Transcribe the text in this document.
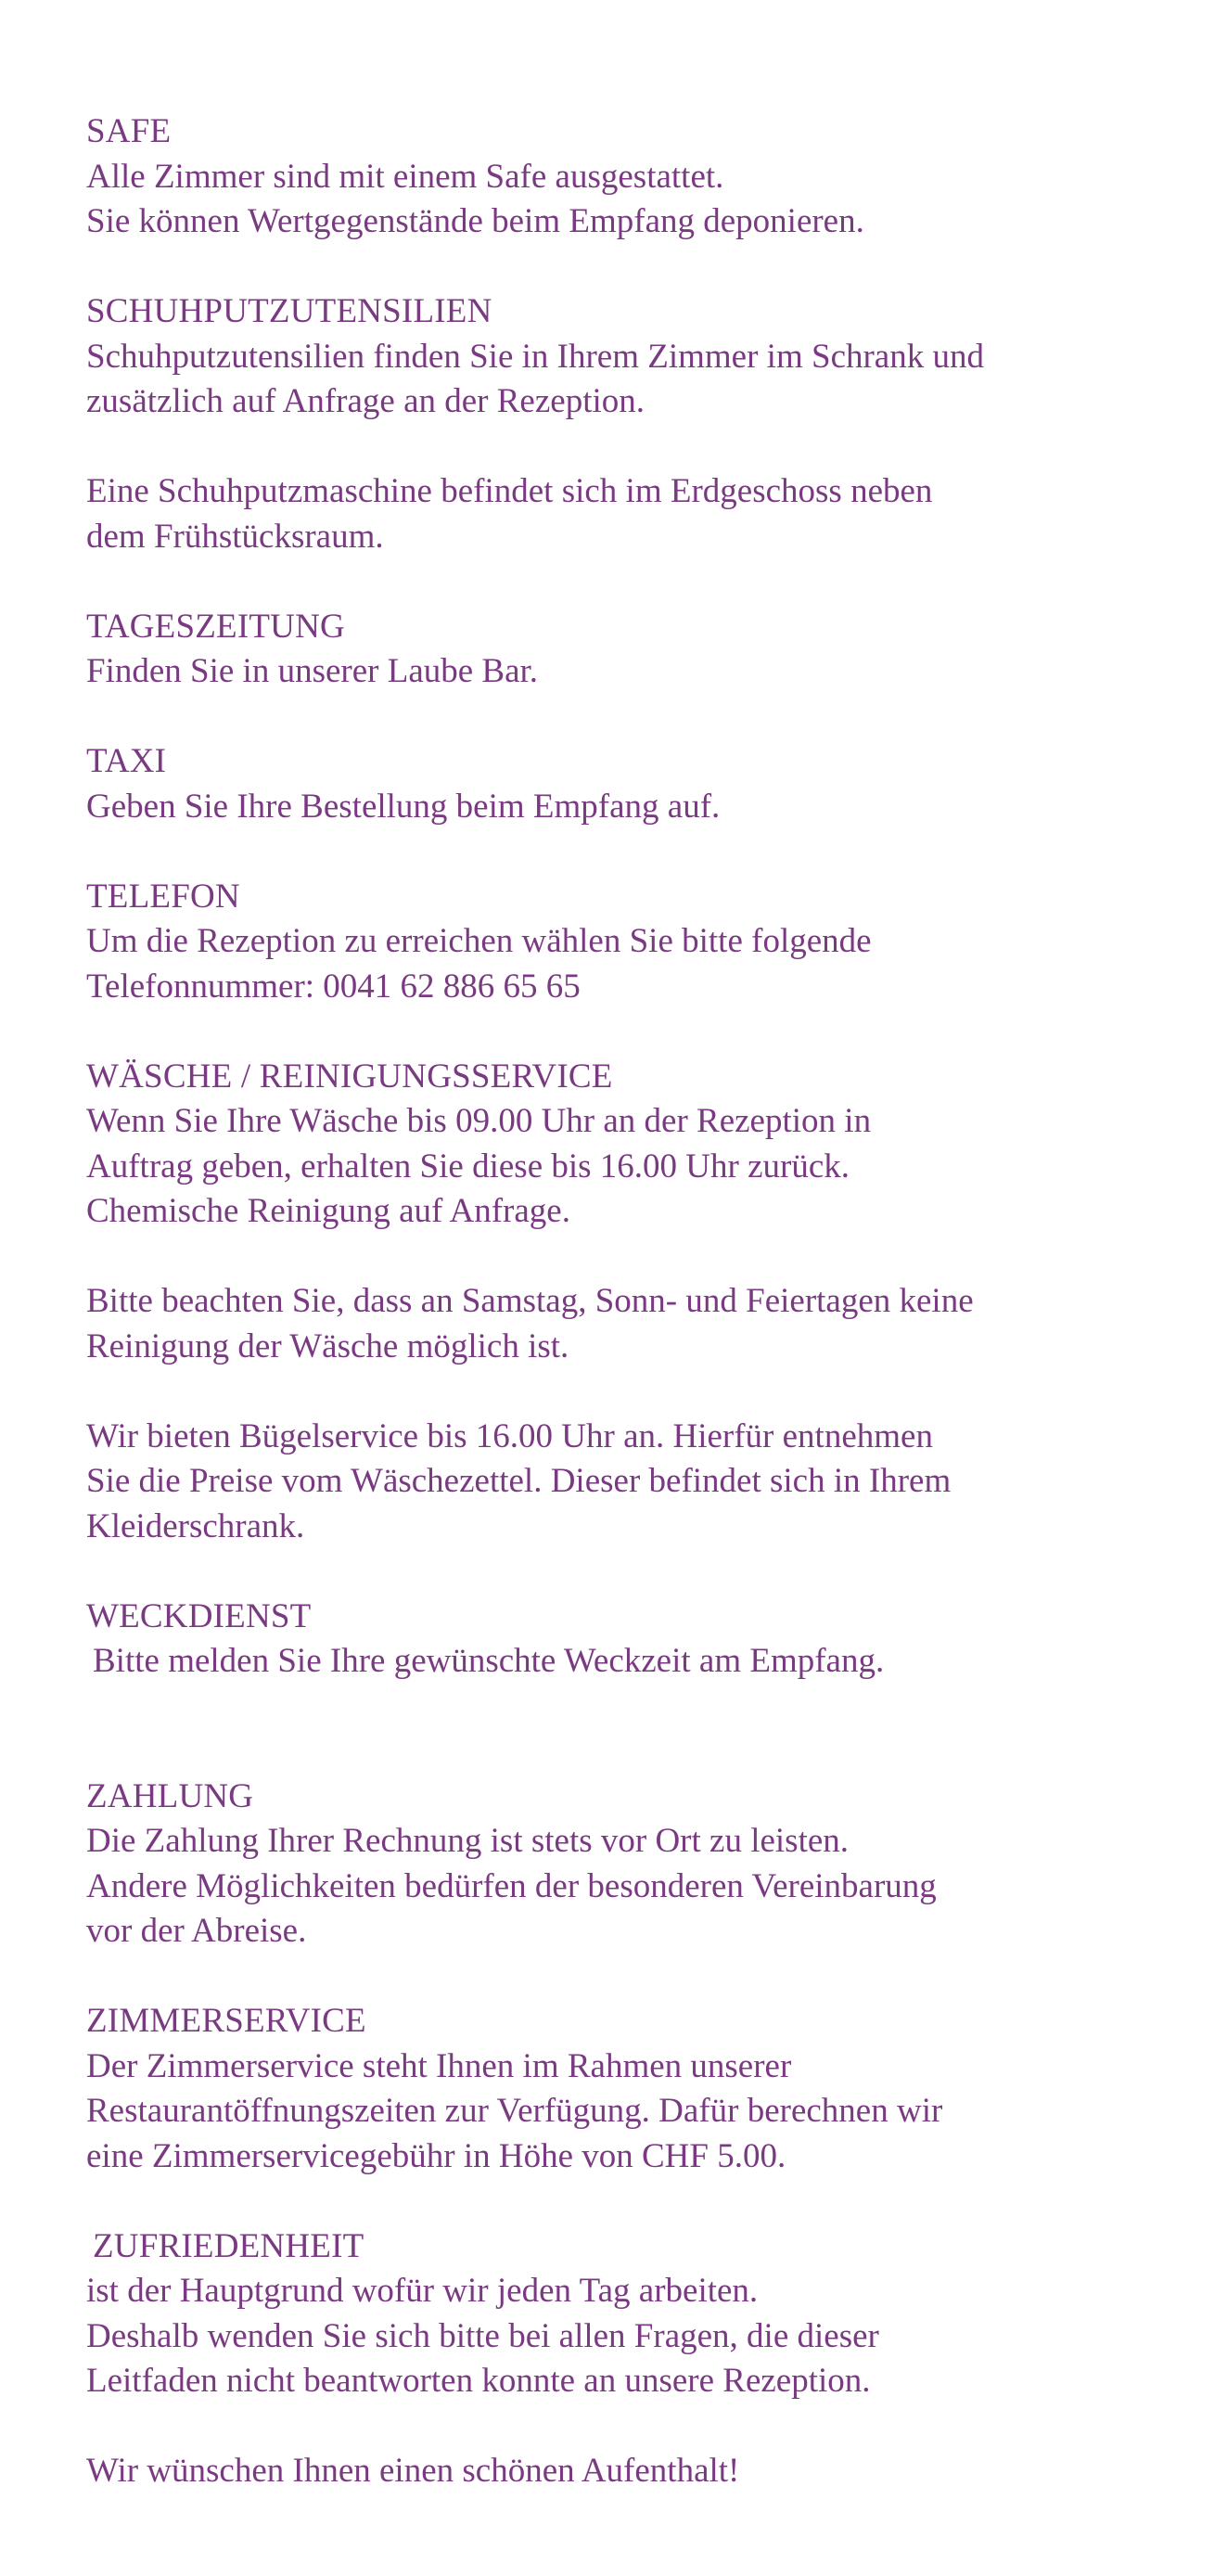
SAFE
Alle Zimmer sind mit einem Safe ausgestattet.
Sie können Wertgegenstände beim Empfang deponieren.
SCHUHPUTZUTENSILIEN
Schuhputzutensilien finden Sie in Ihrem Zimmer im Schrank und
zusätzlich auf Anfrage an der Rezeption.
Eine Schuhputzmaschine befindet sich im Erdgeschoss neben
dem Frühstücksraum.
TAGESZEITUNG
Finden Sie in unserer Laube Bar.
TAXI
Geben Sie Ihre Bestellung beim Empfang auf.
TELEFON
Um die Rezeption zu erreichen wählen Sie bitte folgende
Telefonnummer: 0041 62 886 65 65
WÄSCHE / REINIGUNGSSERVICE
Wenn Sie Ihre Wäsche bis 09.00 Uhr an der Rezeption in
Auftrag geben, erhalten Sie diese bis 16.00 Uhr zurück.
Chemische Reinigung auf Anfrage.
Bitte beachten Sie, dass an Samstag, Sonn- und Feiertagen keine
Reinigung der Wäsche möglich ist.
Wir bieten Bügelservice bis 16.00 Uhr an. Hierfür entnehmen
Sie die Preise vom Wäschezettel. Dieser befindet sich in Ihrem
Kleiderschrank.
WECKDIENST
Bitte melden Sie Ihre gewünschte Weckzeit am Empfang.
ZAHLUNG
Die Zahlung Ihrer Rechnung ist stets vor Ort zu leisten.
Andere Möglichkeiten bedürfen der besonderen Vereinbarung
vor der Abreise.
ZIMMERSERVICE
Der Zimmerservice steht Ihnen im Rahmen unserer
Restaurantöffnungszeiten zur Verfügung. Dafür berechnen wir
eine Zimmerservicegebühr in Höhe von CHF 5.00.
ZUFRIEDENHEIT
ist der Hauptgrund wofür wir jeden Tag arbeiten.
Deshalb wenden Sie sich bitte bei allen Fragen, die dieser
Leitfaden nicht beantworten konnte an unsere Rezeption.
Wir wünschen Ihnen einen schönen Aufenthalt!
